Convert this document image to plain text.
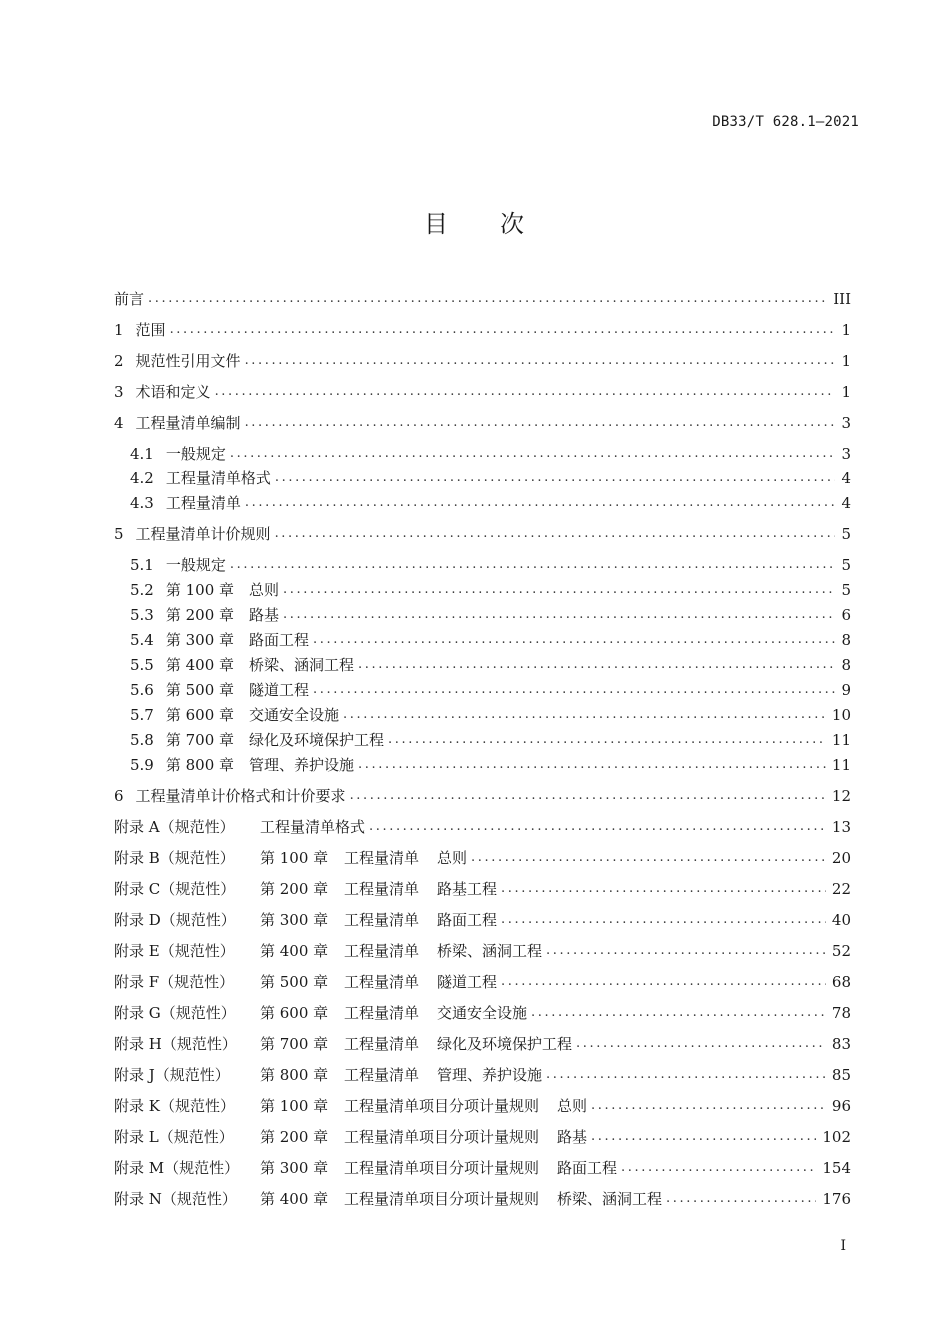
DB33/T 628.1—2021
目 次
前言 .....	III
1 范围 .....	1
2 规范性引用文件 .....	1
3 术语和定义 .....	1
4 工程量清单编制 .....	3
4.1 一般规定 .....	3
4.2 工程量清单格式 .....	4
4.3 工程量清单 .....	4
5 工程量清单计价规则 .....	5
5.1 一般规定 .....	5
5.2 第 100 章　总则 .....	5
5.3 第 200 章　路基 .....	6
5.4 第 300 章　路面工程 .....	8
5.5 第 400 章　桥梁、涵洞工程 .....	8
5.6 第 500 章　隧道工程 .....	9
5.7 第 600 章　交通安全设施 .....	10
5.8 第 700 章　绿化及环境保护工程 .....	11
5.9 第 800 章　管理、养护设施 .....	11
6 工程量清单计价格式和计价要求 .....	12
附录 A（规范性） 工程量清单格式 .....	13
附录 B（规范性） 第 100 章 工程量清单 总则 .....	20
附录 C（规范性） 第 200 章 工程量清单 路基工程 .....	22
附录 D（规范性） 第 300 章 工程量清单 路面工程 .....	40
附录 E（规范性） 第 400 章 工程量清单 桥梁、涵洞工程 .....	52
附录 F（规范性） 第 500 章 工程量清单 隧道工程 .....	68
附录 G（规范性） 第 600 章 工程量清单 交通安全设施 .....	78
附录 H（规范性） 第 700 章 工程量清单 绿化及环境保护工程 .....	83
附录 J（规范性） 第 800 章 工程量清单 管理、养护设施 .....	85
附录 K（规范性） 第 100 章 工程量清单项目分项计量规则 总则 .....	96
附录 L（规范性） 第 200 章 工程量清单项目分项计量规则 路基 .....	102
附录 M（规范性） 第 300 章 工程量清单项目分项计量规则 路面工程 .....	154
附录 N（规范性） 第 400 章 工程量清单项目分项计量规则 桥梁、涵洞工程 .....	176
I
